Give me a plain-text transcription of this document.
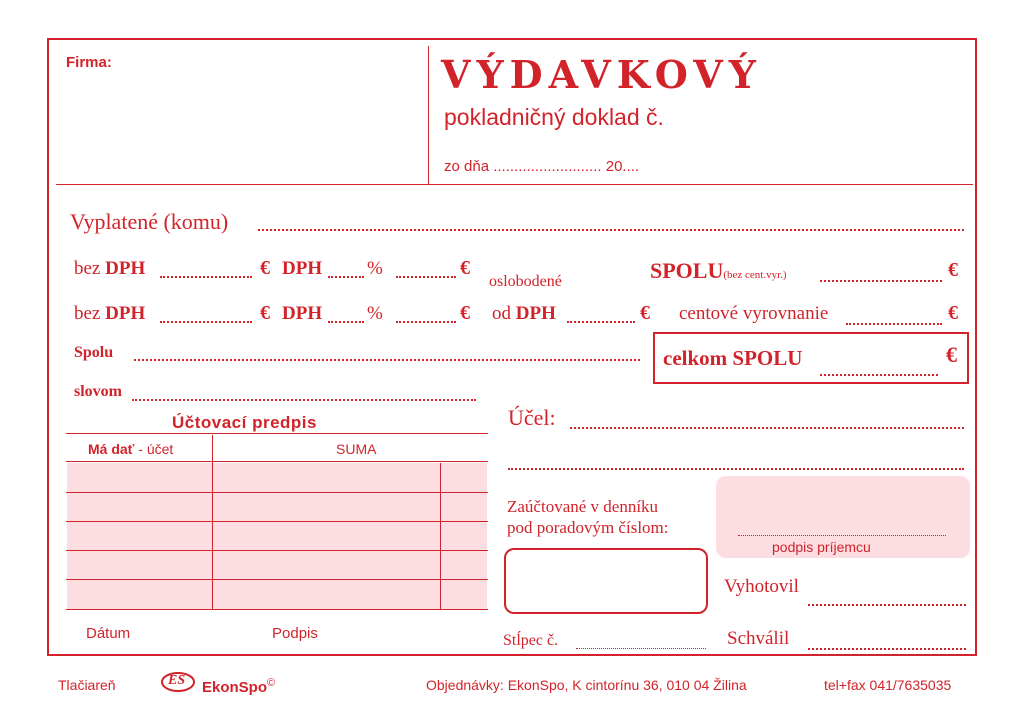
Firma:	VÝDAVKOVÝ
pokladničný doklad č.
zo dňa .......................... 20....
Vyplatené (komu)
bez DPH	€ DPH %	€
bez DPH	€ DPH %	€
oslobodené
od DPH	€
SPOLU(bez cent.vyr.)	€
centové vyrovnanie	€
celkom SPOLU	€
Spolu
slovom
Účtovací predpis
Má dať - účet	SUMA
Dátum	Podpis
Účel:
Zaúčtované v denníku
pod poradovým číslom:
podpis príjemcu
Vyhotovil
Schválil
Stĺpec č.
Tlačiareň	ES EkonSpo©	Objednávky: EkonSpo, K cintorínu 36, 010 04 Žilina	tel+fax 041/7635035
